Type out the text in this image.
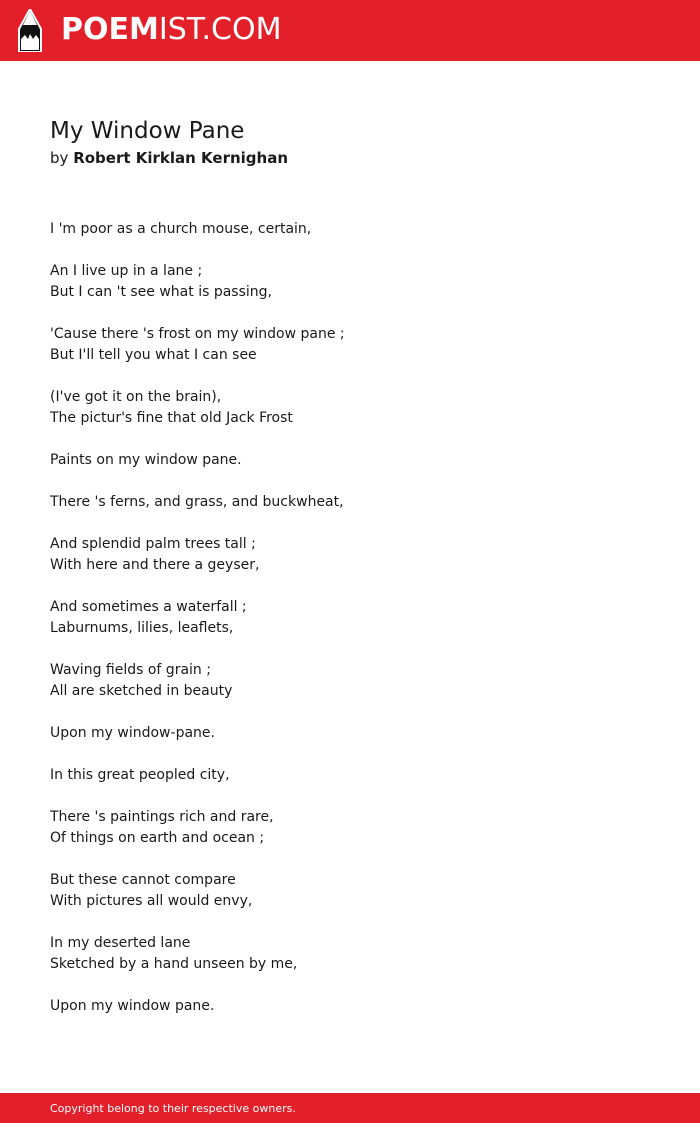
POEMIST.COM
My Window Pane
by Robert Kirklan Kernighan
I 'm poor as a church mouse, certain,
An I live up in a lane ;
But I can 't see what is passing,
'Cause there 's frost on my window pane ;
But I'll tell you what I can see
(I've got it on the brain),
The pictur's fine that old Jack Frost
Paints on my window pane.
There 's ferns, and grass, and buckwheat,
And splendid palm trees tall ;
With here and there a geyser,
And sometimes a waterfall ;
Laburnums, lilies, leaflets,
Waving fields of grain ;
All are sketched in beauty
Upon my window-pane.
In this great peopled city,
There 's paintings rich and rare,
Of things on earth and ocean ;
But these cannot compare
With pictures all would envy,
In my deserted lane
Sketched by a hand unseen by me,
Upon my window pane.
Copyright belong to their respective owners.
